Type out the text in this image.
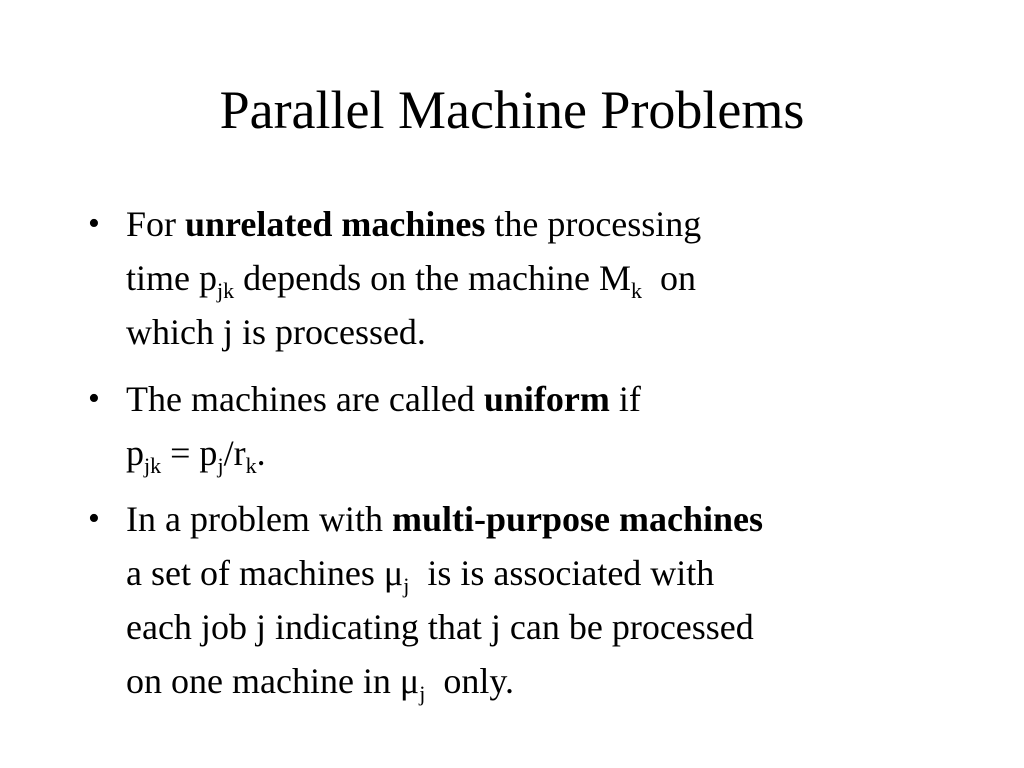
Parallel Machine Problems
• For unrelated machines the processing
time $p_{jk}$ depends on the machine $M_k$  on
which j is processed.
• The machines are called uniform if
$p_{jk} = p_j/r_k$.
• In a problem with multi-purpose machines
a set of machines $\mu_j$  is is associated with
each job j indicating that j can be processed
on one machine in $\mu_j$  only.
